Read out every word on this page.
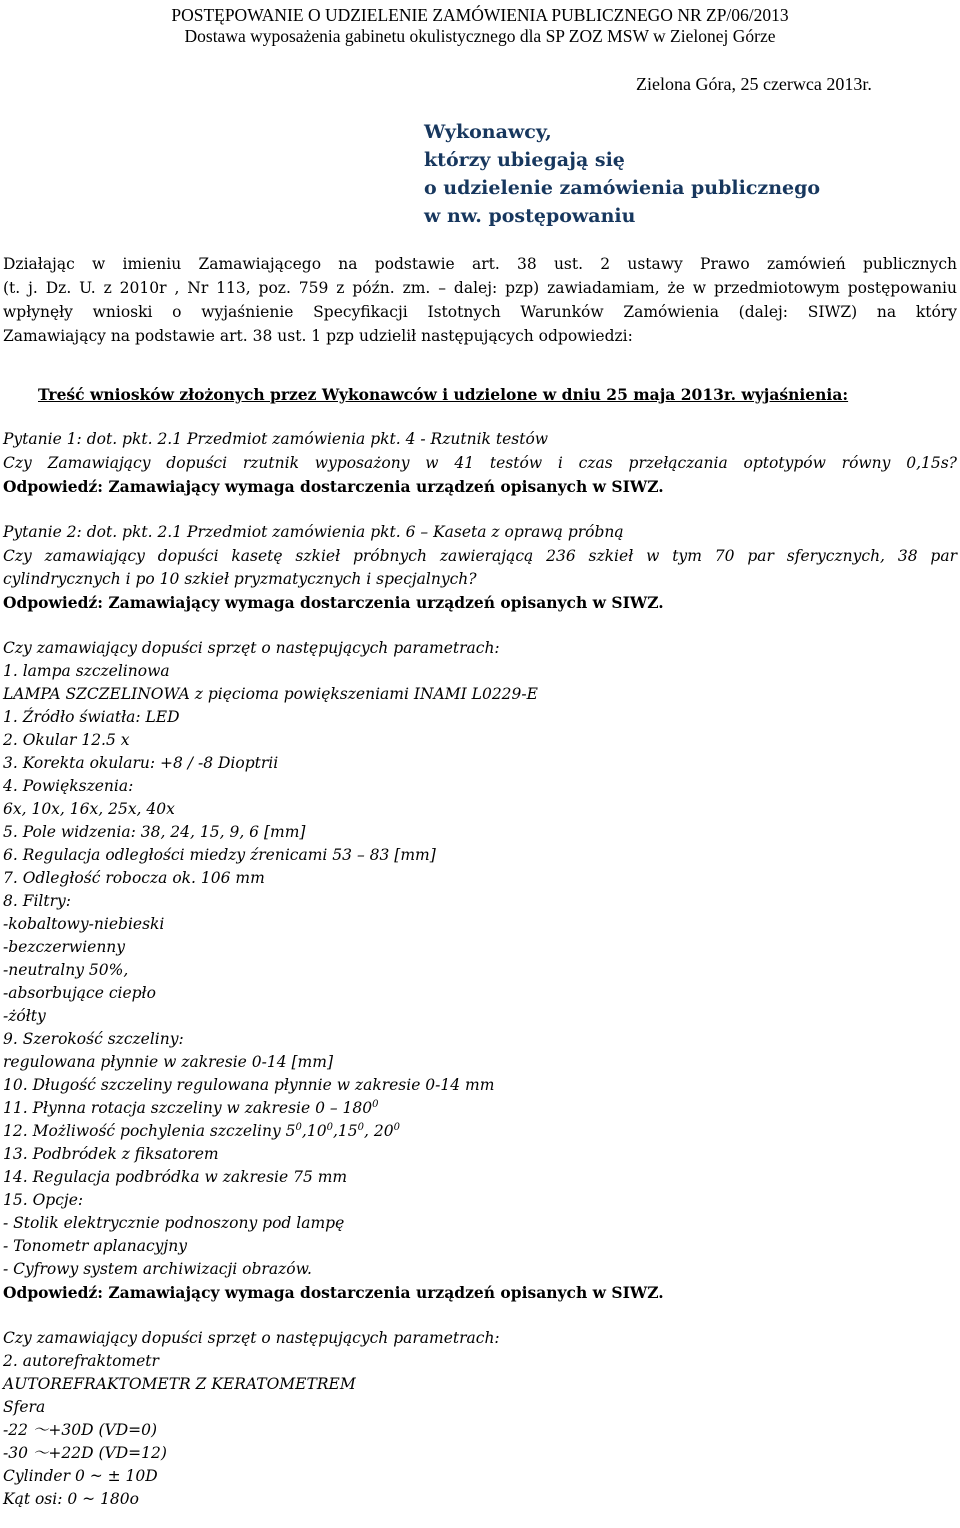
POSTĘPOWANIE O UDZIELENIE ZAMÓWIENIA PUBLICZNEGO NR ZP/06/2013
Dostawa wyposażenia gabinetu okulistycznego dla SP ZOZ MSW w Zielonej Górze
Zielona Góra, 25 czerwca 2013r.
Wykonawcy,
którzy ubiegają się
o udzielenie zamówienia publicznego
w nw. postępowaniu
Działając w imieniu Zamawiającego na podstawie art. 38 ust. 2 ustawy Prawo zamówień publicznych
(t. j. Dz. U. z 2010r , Nr 113, poz. 759 z późn. zm. – dalej: pzp) zawiadamiam, że w przedmiotowym postępowaniu
wpłynęły wnioski o wyjaśnienie Specyfikacji Istotnych Warunków Zamówienia (dalej: SIWZ) na który
Zamawiający na podstawie art. 38 ust. 1 pzp udzielił następujących odpowiedzi:
Treść wniosków złożonych przez Wykonawców i udzielone w dniu 25 maja 2013r. wyjaśnienia:
Pytanie 1: dot. pkt. 2.1 Przedmiot zamówienia pkt. 4 - Rzutnik testów
Czy Zamawiający dopuści rzutnik wyposażony w 41 testów i czas przełączania optotypów równy 0,15s?
Odpowiedź: Zamawiający wymaga dostarczenia urządzeń opisanych w SIWZ.
Pytanie 2: dot. pkt. 2.1 Przedmiot zamówienia pkt. 6 – Kaseta z oprawą próbną
Czy zamawiający dopuści kasetę szkieł próbnych zawierającą 236 szkieł w tym 70 par sferycznych, 38 par
cylindrycznych i po 10 szkieł pryzmatycznych i specjalnych?
Odpowiedź: Zamawiający wymaga dostarczenia urządzeń opisanych w SIWZ.
Czy zamawiający dopuści sprzęt o następujących parametrach:
1. lampa szczelinowa
LAMPA SZCZELINOWA z pięcioma powiększeniami INAMI L0229-E
1. Źródło światła: LED
2. Okular 12.5 x
3. Korekta okularu: +8 / -8 Dioptrii
4. Powiększenia:
6x, 10x, 16x, 25x, 40x
5. Pole widzenia: 38, 24, 15, 9, 6 [mm]
6. Regulacja odległości miedzy źrenicami 53 – 83 [mm]
7. Odległość robocza ok. 106 mm
8. Filtry:
-kobaltowy-niebieski
-bezczerwienny
-neutralny 50%,
-absorbujące ciepło
-żółty
9. Szerokość szczeliny:
regulowana płynnie w zakresie 0-14 [mm]
10. Długość szczeliny regulowana płynnie w zakresie 0-14 mm
11. Płynna rotacja szczeliny w zakresie $0 - 180^0$
12. Możliwość pochylenia szczeliny $5^0,10^0,15^0$, $20^0$
13. Podbródek z fiksatorem
14. Regulacja podbródka w zakresie 75 mm
15. Opcje:
- Stolik elektrycznie podnoszony pod lampę
- Tonometr aplanacyjny
- Cyfrowy system archiwizacji obrazów.
Odpowiedź: Zamawiający wymaga dostarczenia urządzeń opisanych w SIWZ.
Czy zamawiający dopuści sprzęt o następujących parametrach:
2. autorefraktometr
AUTOREFRAKTOMETR Z KERATOMETREM
Sfera
-22 ～+30D (VD=0)
-30 ～+22D (VD=12)
Cylinder 0 ~ ± 10D
Kąt osi: 0 ~ 180o
